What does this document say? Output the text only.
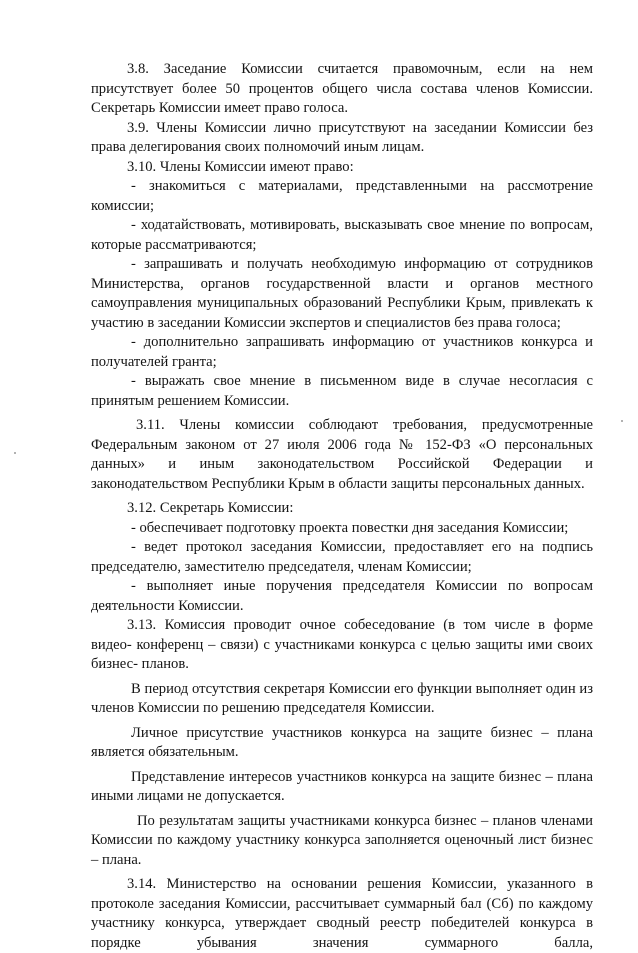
3.8. Заседание Комиссии считается правомочным, если на нем присутствует более 50 процентов общего числа состава членов Комиссии. Секретарь Комиссии имеет право голоса.

3.9. Члены Комиссии лично присутствуют на заседании Комиссии без права делегирования своих полномочий иным лицам.

3.10. Члены Комиссии имеют право:

- знакомиться с материалами, представленными на рассмотрение комиссии;

- ходатайствовать, мотивировать, высказывать свое мнение по вопросам, которые рассматриваются;

- запрашивать и получать необходимую информацию от сотрудников Министерства, органов государственной власти и органов местного самоуправления муниципальных образований Республики Крым, привлекать к участию в заседании Комиссии экспертов и специалистов без права голоса;

- дополнительно запрашивать информацию от участников конкурса и получателей гранта;

- выражать свое мнение в письменном виде в случае несогласия с принятым решением Комиссии.

3.11. Члены комиссии соблюдают требования, предусмотренные Федеральным законом от 27 июля 2006 года № 152-ФЗ «О персональных данных» и иным законодательством Российской Федерации и законодательством Республики Крым в области защиты персональных данных.

3.12. Секретарь Комиссии:

- обеспечивает подготовку проекта повестки дня заседания Комиссии;

- ведет протокол заседания Комиссии, предоставляет его на подпись председателю, заместителю председателя, членам Комиссии;

- выполняет иные поручения председателя Комиссии по вопросам деятельности Комиссии.

3.13. Комиссия проводит очное собеседование (в том числе в форме видео- конференц – связи) с участниками конкурса с целью защиты ими своих бизнес- планов.

В период отсутствия секретаря Комиссии его функции выполняет один из членов Комиссии по решению председателя Комиссии.

Личное присутствие участников конкурса на защите бизнес – плана является обязательным.

Представление интересов участников конкурса на защите бизнес – плана иными лицами не допускается.

По результатам защиты участниками конкурса бизнес – планов членами Комиссии по каждому участнику конкурса заполняется оценочный лист бизнес – плана.

3.14. Министерство на основании решения Комиссии, указанного в протоколе заседания Комиссии, рассчитывает суммарный бал (Сб) по каждому участнику конкурса, утверждает сводный реестр победителей конкурса в порядке убывания значения суммарного балла,
